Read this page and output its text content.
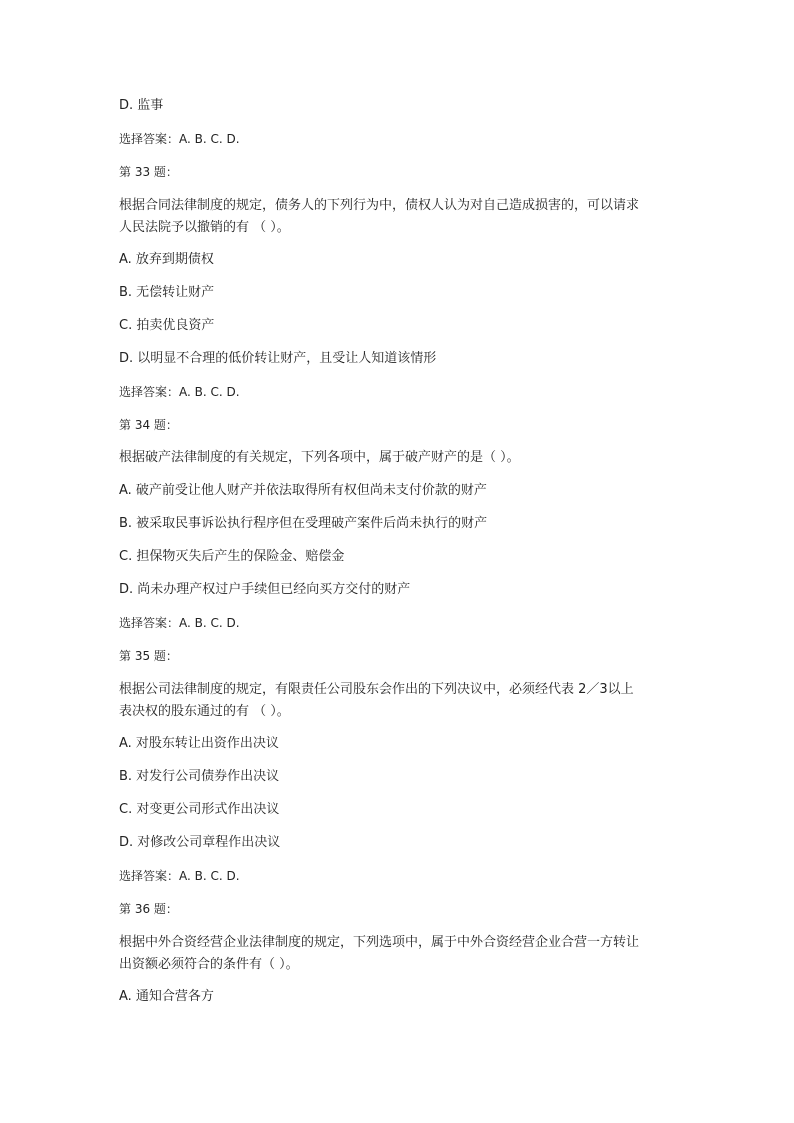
D. 监事
选择答案：A. B. C. D.
第 33 题：
根据合同法律制度的规定，债务人的下列行为中，债权人认为对自己造成损害的，可以请求
人民法院予以撤销的有 （ ）。
A. 放弃到期债权
B. 无偿转让财产
C. 拍卖优良资产
D. 以明显不合理的低价转让财产，且受让人知道该情形
选择答案：A. B. C. D.
第 34 题：
根据破产法律制度的有关规定，下列各项中，属于破产财产的是（ ）。
A. 破产前受让他人财产并依法取得所有权但尚未支付价款的财产
B. 被采取民事诉讼执行程序但在受理破产案件后尚未执行的财产
C. 担保物灭失后产生的保险金、赔偿金
D. 尚未办理产权过户手续但已经向买方交付的财产
选择答案：A. B. C. D.
第 35 题：
根据公司法律制度的规定，有限责任公司股东会作出的下列决议中，必须经代表 2／3以上
表决权的股东通过的有 （ ）。
A. 对股东转让出资作出决议
B. 对发行公司债券作出决议
C. 对变更公司形式作出决议
D. 对修改公司章程作出决议
选择答案：A. B. C. D.
第 36 题：
根据中外合资经营企业法律制度的规定，下列选项中，属于中外合资经营企业合营一方转让
出资额必须符合的条件有（ ）。
A. 通知合营各方
